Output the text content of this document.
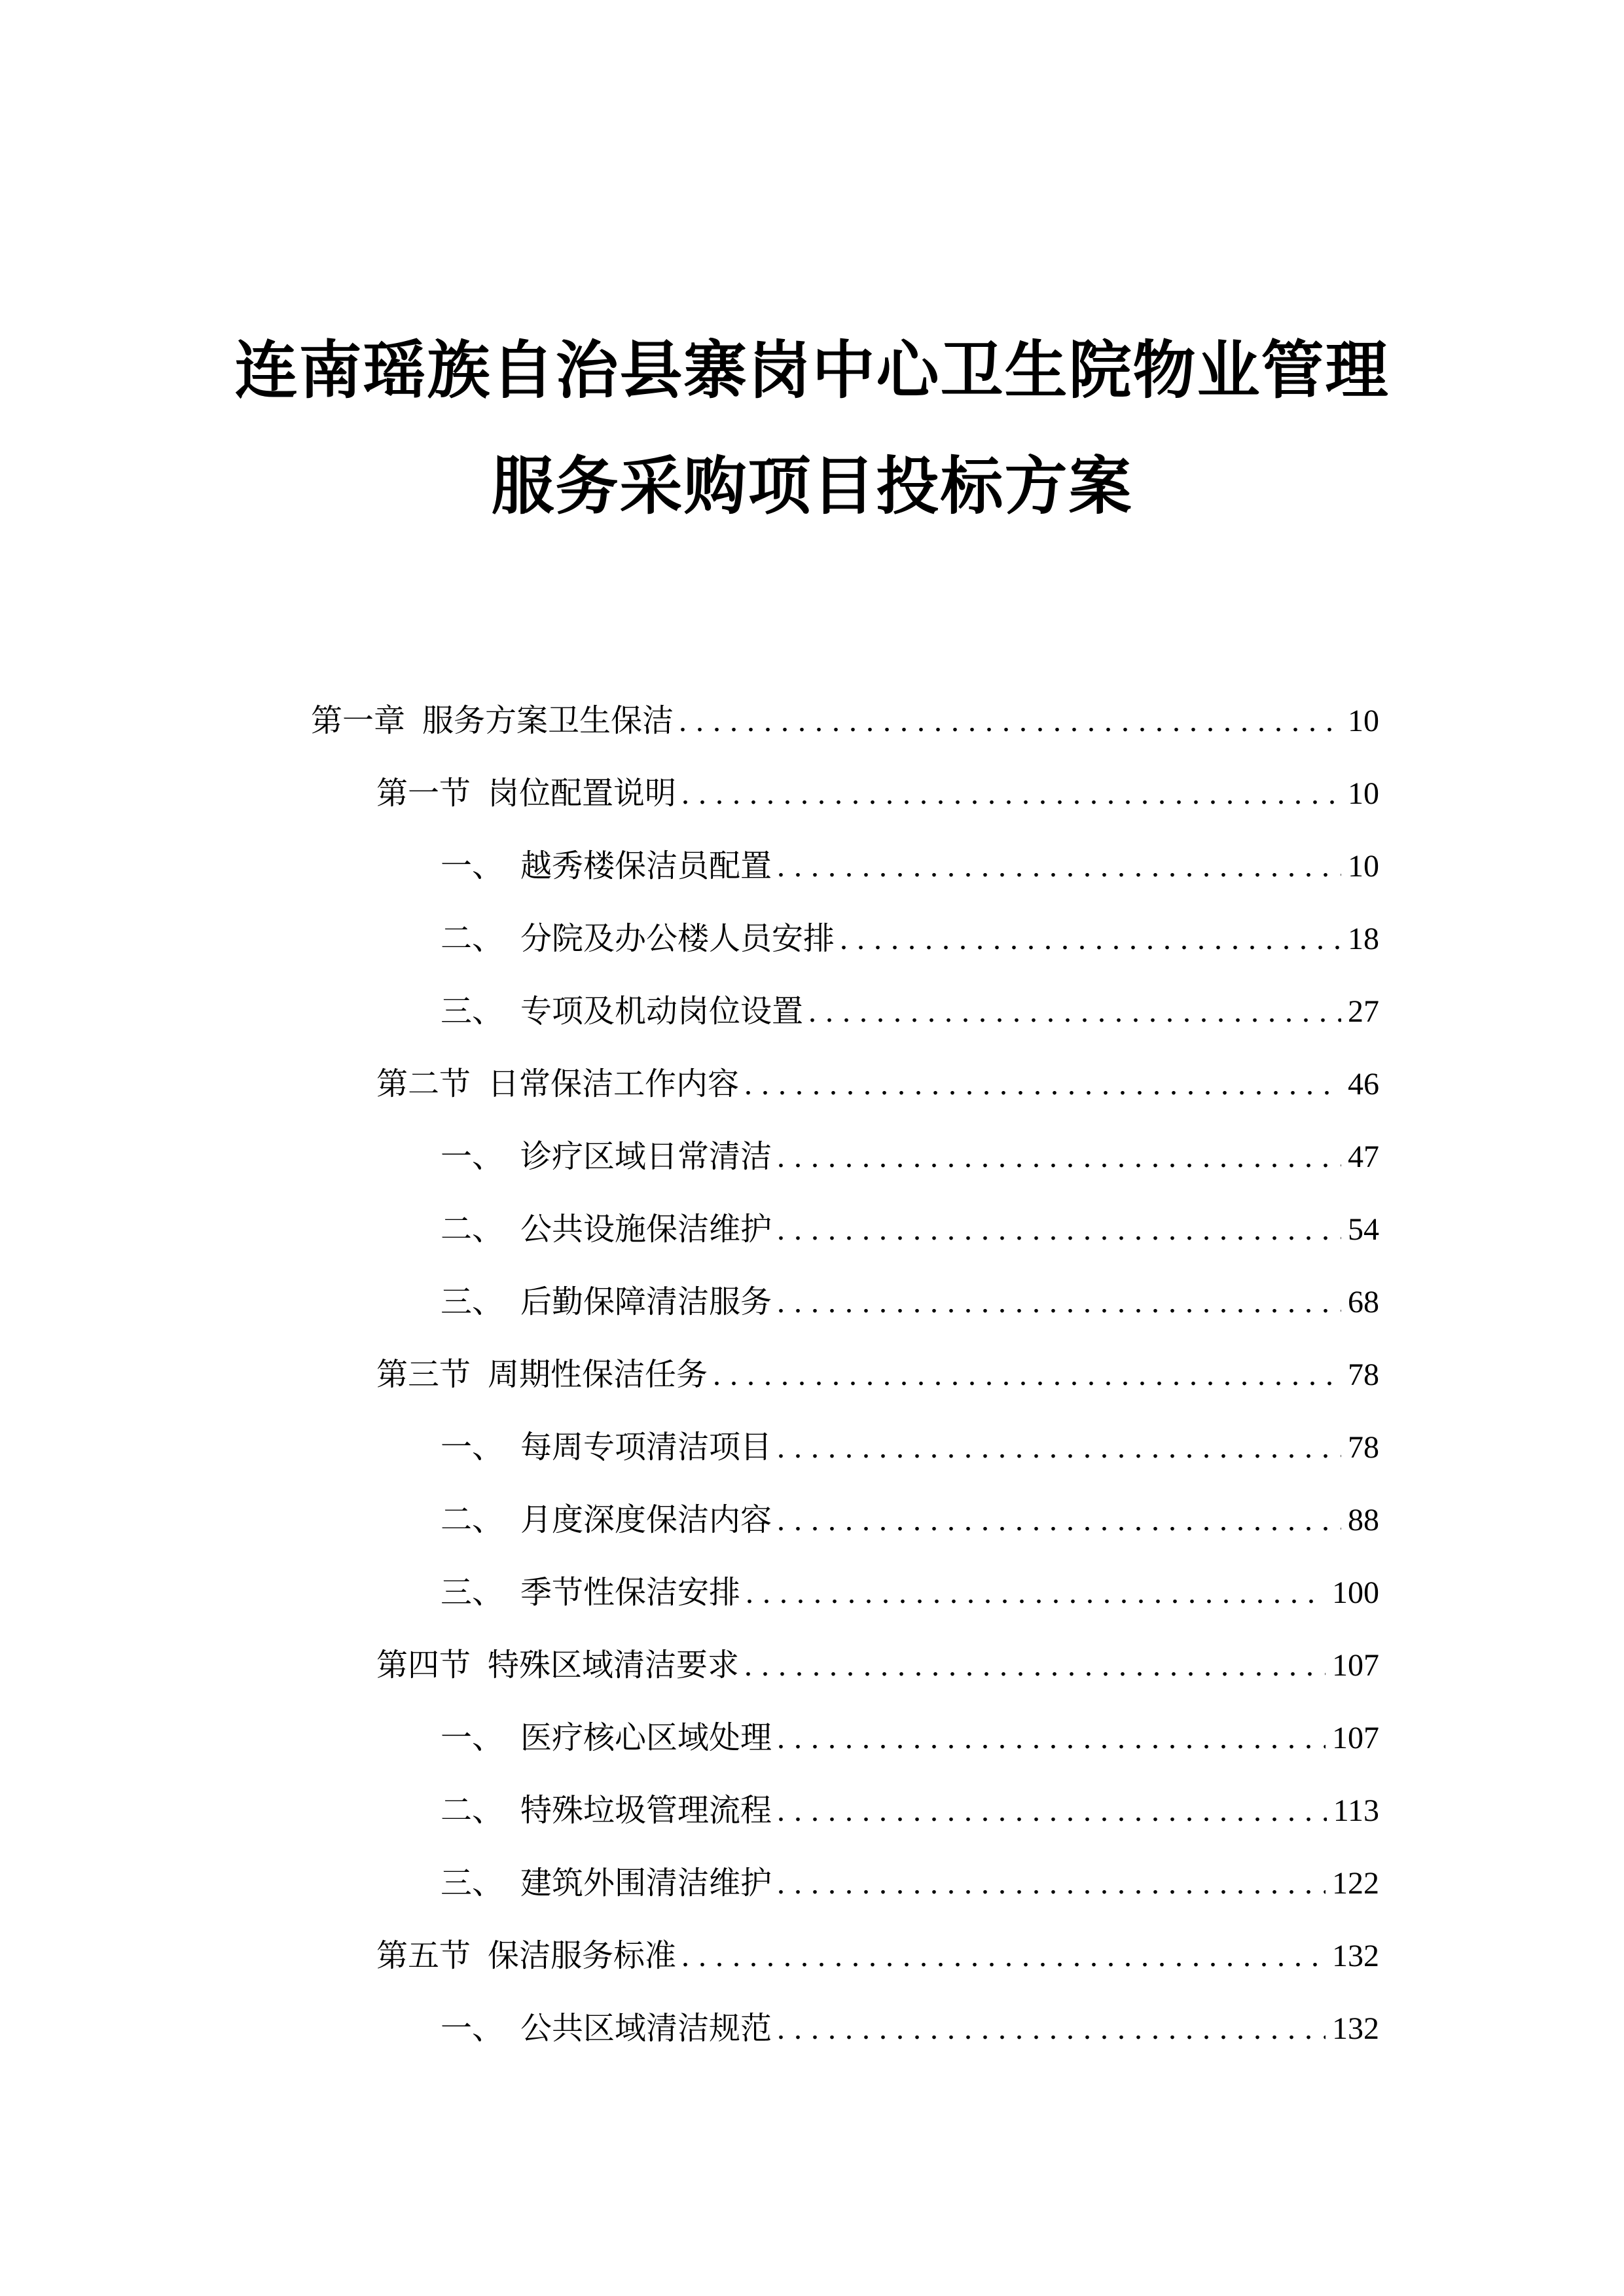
连南瑶族自治县寨岗中心卫生院物业管理
服务采购项目投标方案
第一章 服务方案卫生保洁 .....	10
第一节 岗位配置说明 .....	10
一、 越秀楼保洁员配置 .....	10
二、 分院及办公楼人员安排 .....	18
三、 专项及机动岗位设置 .....	27
第二节 日常保洁工作内容 .....	46
一、 诊疗区域日常清洁 .....	47
二、 公共设施保洁维护 .....	54
三、 后勤保障清洁服务 .....	68
第三节 周期性保洁任务 .....	78
一、 每周专项清洁项目 .....	78
二、 月度深度保洁内容 .....	88
三、 季节性保洁安排 .....	100
第四节 特殊区域清洁要求 .....	107
一、 医疗核心区域处理 .....	107
二、 特殊垃圾管理流程 .....	113
三、 建筑外围清洁维护 .....	122
第五节 保洁服务标准 .....	132
一、 公共区域清洁规范 .....	132
